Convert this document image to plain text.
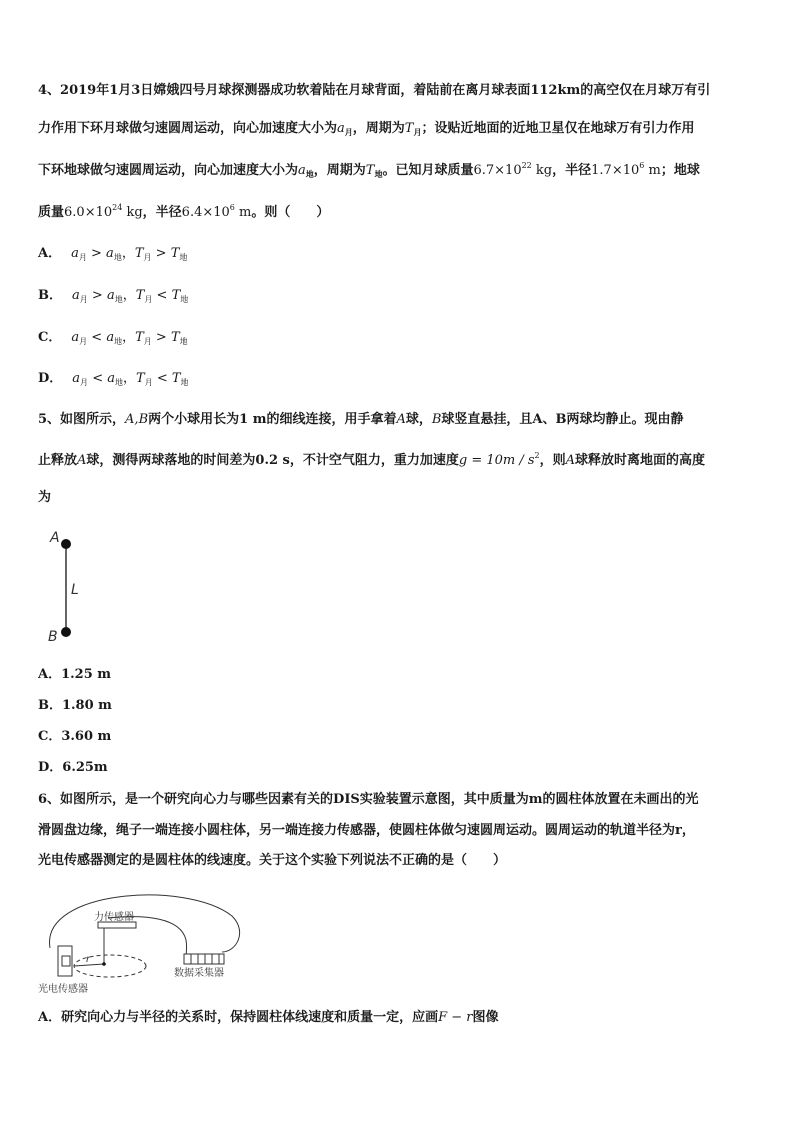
4、2019年1月3日嫦娥四号月球探测器成功软着陆在月球背面，着陆前在离月球表面112km的高空仅在月球万有引
力作用下环月球做匀速圆周运动，向心加速度大小为$a_月$，周期为$T_月$；设贴近地面的近地卫星仅在地球万有引力作用
下环地球做匀速圆周运动，向心加速度大小为$a_地$，周期为$T_地$。已知月球质量$6.7\times 10^{22}$ kg，半径$1.7\times 10^6$ m；地球
质量$6.0\times 10^{24}$ kg，半径$6.4\times 10^6$ m。则（　　）
A． $a_月 > a_地$，$T_月 > T_地$
B． $a_月 > a_地$，$T_月 < T_地$
C． $a_月 < a_地$，$T_月 > T_地$
D． $a_月 < a_地$，$T_月 < T_地$
5、如图所示，A,B两个小球用长为1 m的细线连接，用手拿着A球，B球竖直悬挂，且A、B两球均静止。现由静
止释放A球，测得两球落地的时间差为0.2 s，不计空气阻力，重力加速度$g = 10m / s^2$，则A球释放时离地面的高度
为
A
B
L
A．1.25 m
B．1.80 m
C．3.60 m
D．6.25m
6、如图所示，是一个研究向心力与哪些因素有关的DIS实验装置示意图，其中质量为m的圆柱体放置在未画出的光
滑圆盘边缘，绳子一端连接小圆柱体，另一端连接力传感器，使圆柱体做匀速圆周运动。圆周运动的轨道半径为r，
光电传感器测定的是圆柱体的线速度。关于这个实验下列说法不正确的是（　　）
力传感器
数据采集器
光电传感器
r
A．研究向心力与半径的关系时，保持圆柱体线速度和质量一定，应画F − r图像
